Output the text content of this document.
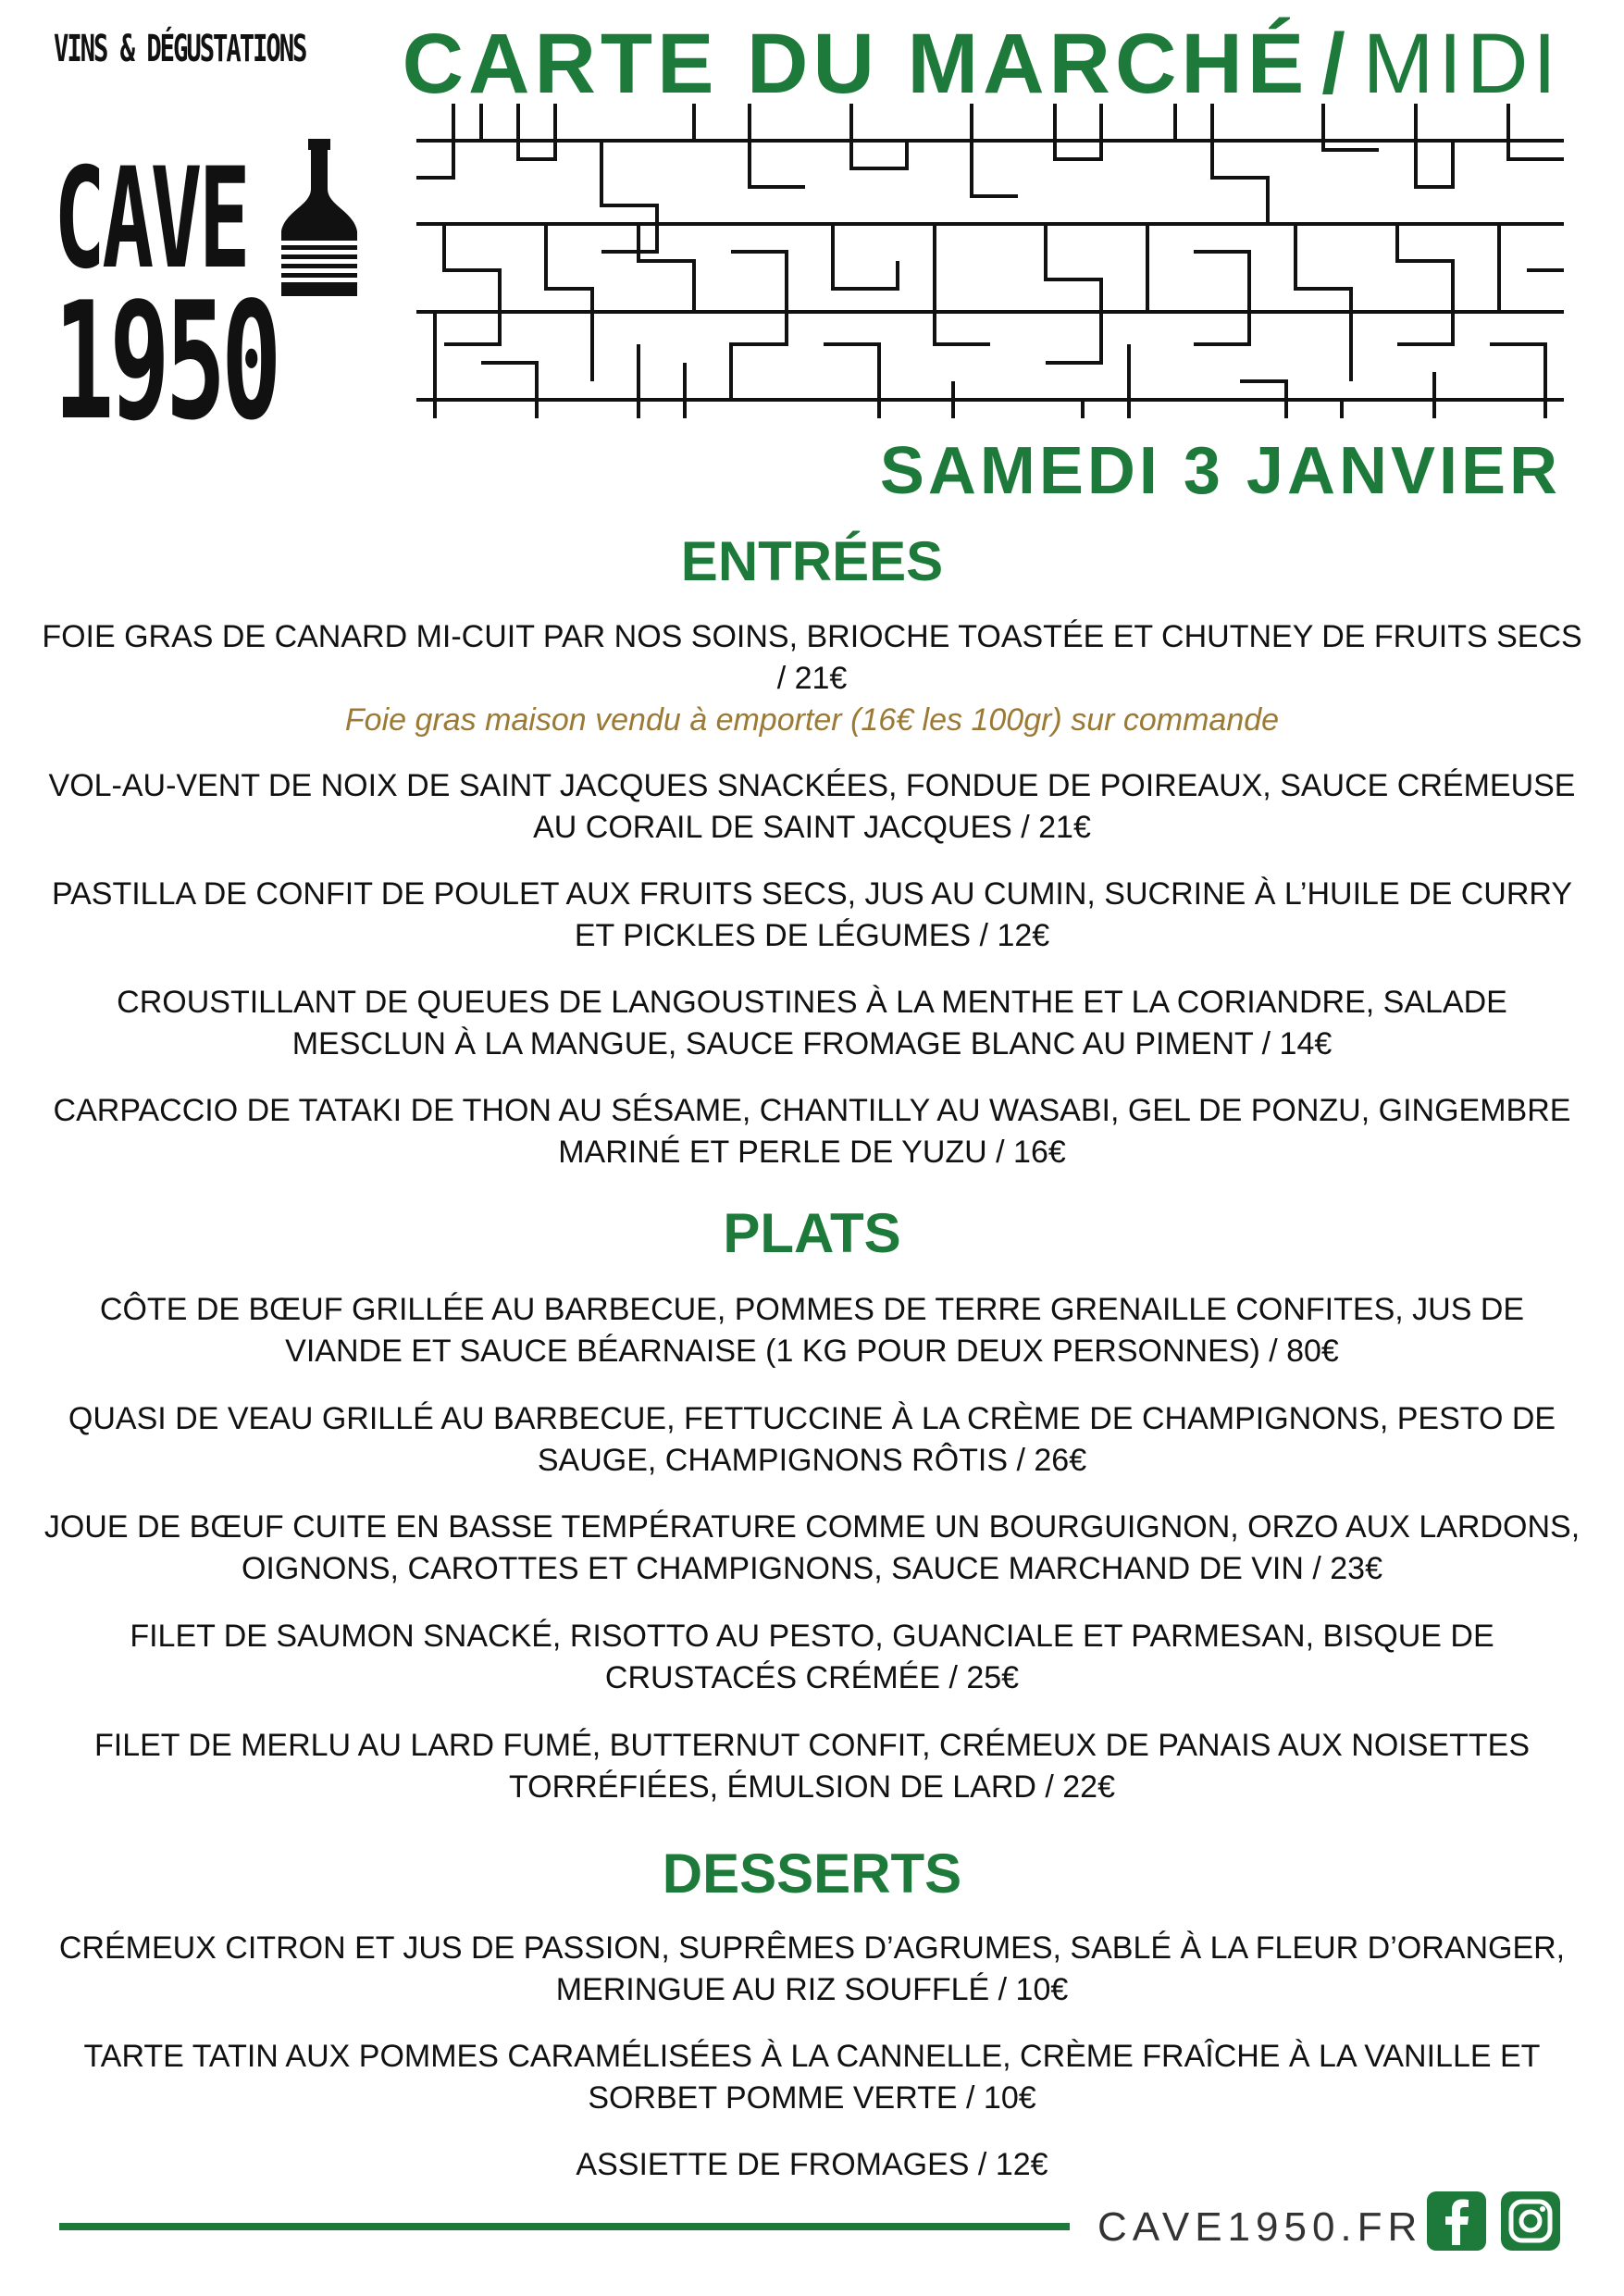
VINS & DÉGUSTATIONS
CAVE
1950
CARTE DU MARCHÉ / MIDI
SAMEDI 3 JANVIER
ENTRÉES
FOIE GRAS DE CANARD MI-CUIT PAR NOS SOINS, BRIOCHE TOASTÉE ET CHUTNEY DE FRUITS SECS / 21€
Foie gras maison vendu à emporter (16€ les 100gr) sur commande
VOL-AU-VENT DE NOIX DE SAINT JACQUES SNACKÉES, FONDUE DE POIREAUX, SAUCE CRÉMEUSE AU CORAIL DE SAINT JACQUES / 21€
PASTILLA DE CONFIT DE POULET AUX FRUITS SECS, JUS AU CUMIN, SUCRINE À L’HUILE DE CURRY ET PICKLES DE LÉGUMES / 12€
CROUSTILLANT DE QUEUES DE LANGOUSTINES À LA MENTHE ET LA CORIANDRE, SALADE MESCLUN À LA MANGUE, SAUCE FROMAGE BLANC AU PIMENT / 14€
CARPACCIO DE TATAKI DE THON AU SÉSAME, CHANTILLY AU WASABI, GEL DE PONZU, GINGEMBRE MARINÉ ET PERLE DE YUZU / 16€
PLATS
CÔTE DE BŒUF GRILLÉE AU BARBECUE, POMMES DE TERRE GRENAILLE CONFITES, JUS DE VIANDE ET SAUCE BÉARNAISE (1 KG POUR DEUX PERSONNES) / 80€
QUASI DE VEAU GRILLÉ AU BARBECUE, FETTUCCINE À LA CRÈME DE CHAMPIGNONS, PESTO DE SAUGE, CHAMPIGNONS RÔTIS / 26€
JOUE DE BŒUF CUITE EN BASSE TEMPÉRATURE COMME UN BOURGUIGNON, ORZO AUX LARDONS, OIGNONS, CAROTTES ET CHAMPIGNONS, SAUCE MARCHAND DE VIN / 23€
FILET DE SAUMON SNACKÉ, RISOTTO AU PESTO, GUANCIALE ET PARMESAN, BISQUE DE CRUSTACÉS CRÉMÉE / 25€
FILET DE MERLU AU LARD FUMÉ, BUTTERNUT CONFIT, CRÉMEUX DE PANAIS AUX NOISETTES TORRÉFIÉES, ÉMULSION DE LARD / 22€
DESSERTS
CRÉMEUX CITRON ET JUS DE PASSION, SUPRÊMES D’AGRUMES, SABLÉ À LA FLEUR D’ORANGER, MERINGUE AU RIZ SOUFFLÉ / 10€
TARTE TATIN AUX POMMES CARAMÉLISÉES À LA CANNELLE, CRÈME FRAÎCHE À LA VANILLE ET SORBET POMME VERTE / 10€
ASSIETTE DE FROMAGES / 12€
CAVE1950.FR
